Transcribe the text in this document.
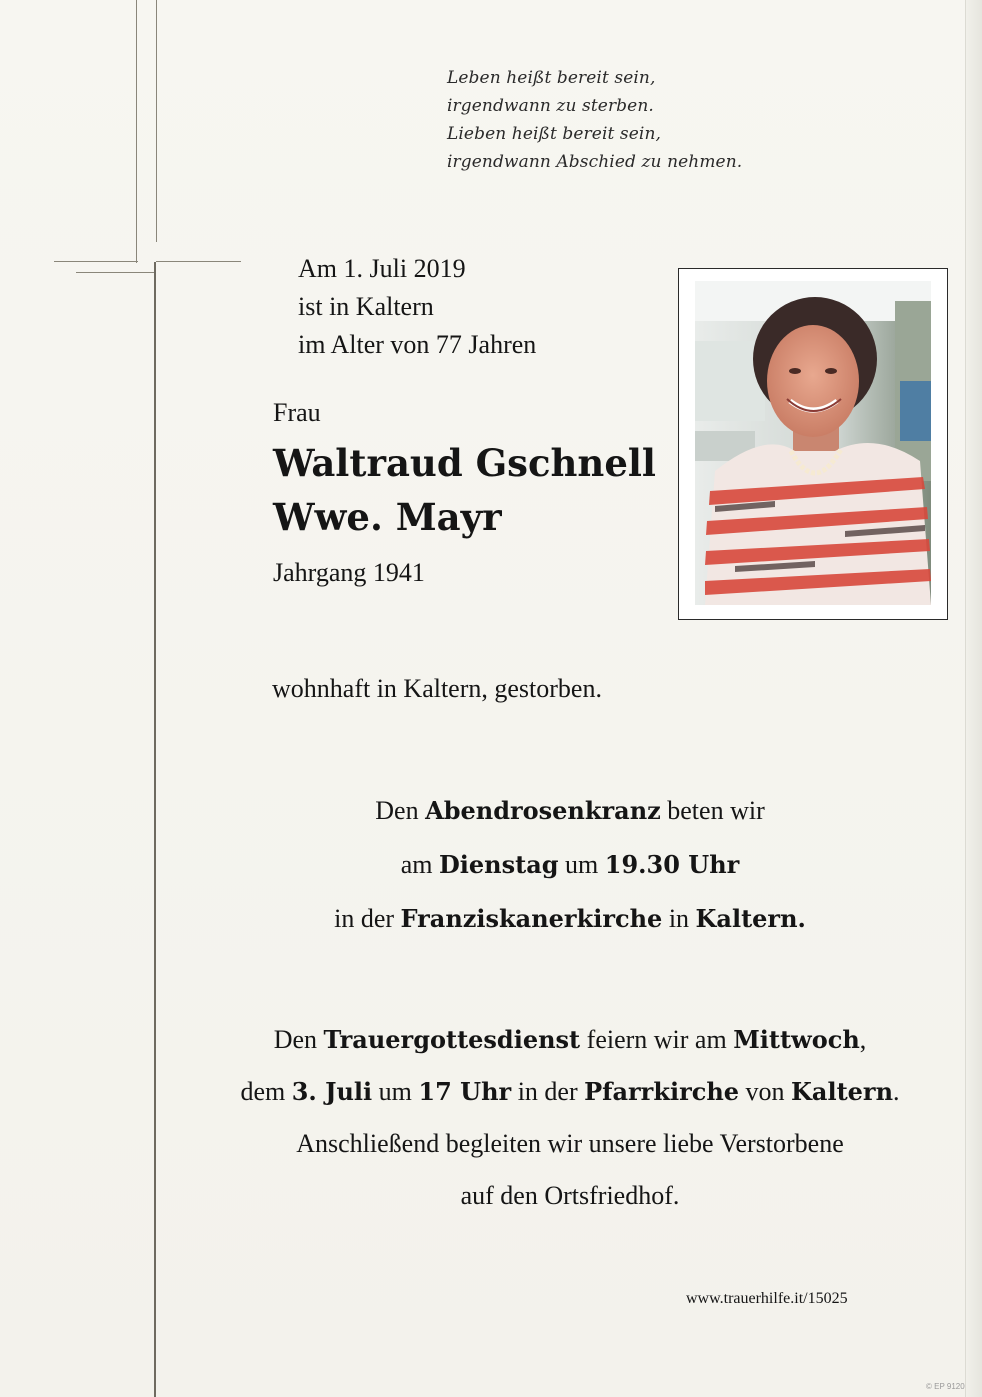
Leben heißt bereit sein,
irgendwann zu sterben.
Lieben heißt bereit sein,
irgendwann Abschied zu nehmen.
Am 1. Juli 2019
ist in Kaltern
im Alter von 77 Jahren
Frau
Waltraud Gschnell
Wwe. Mayr
Jahrgang 1941
wohnhaft in Kaltern, gestorben.
Den Abendrosenkranz beten wir
am Dienstag um 19.30 Uhr
in der Franziskanerkirche in Kaltern.
Den Trauergottesdienst feiern wir am Mittwoch,
dem 3. Juli um 17 Uhr in der Pfarrkirche von Kaltern.
Anschließend begleiten wir unsere liebe Verstorbene
auf den Ortsfriedhof.
www.trauerhilfe.it/15025
© EP 9120
